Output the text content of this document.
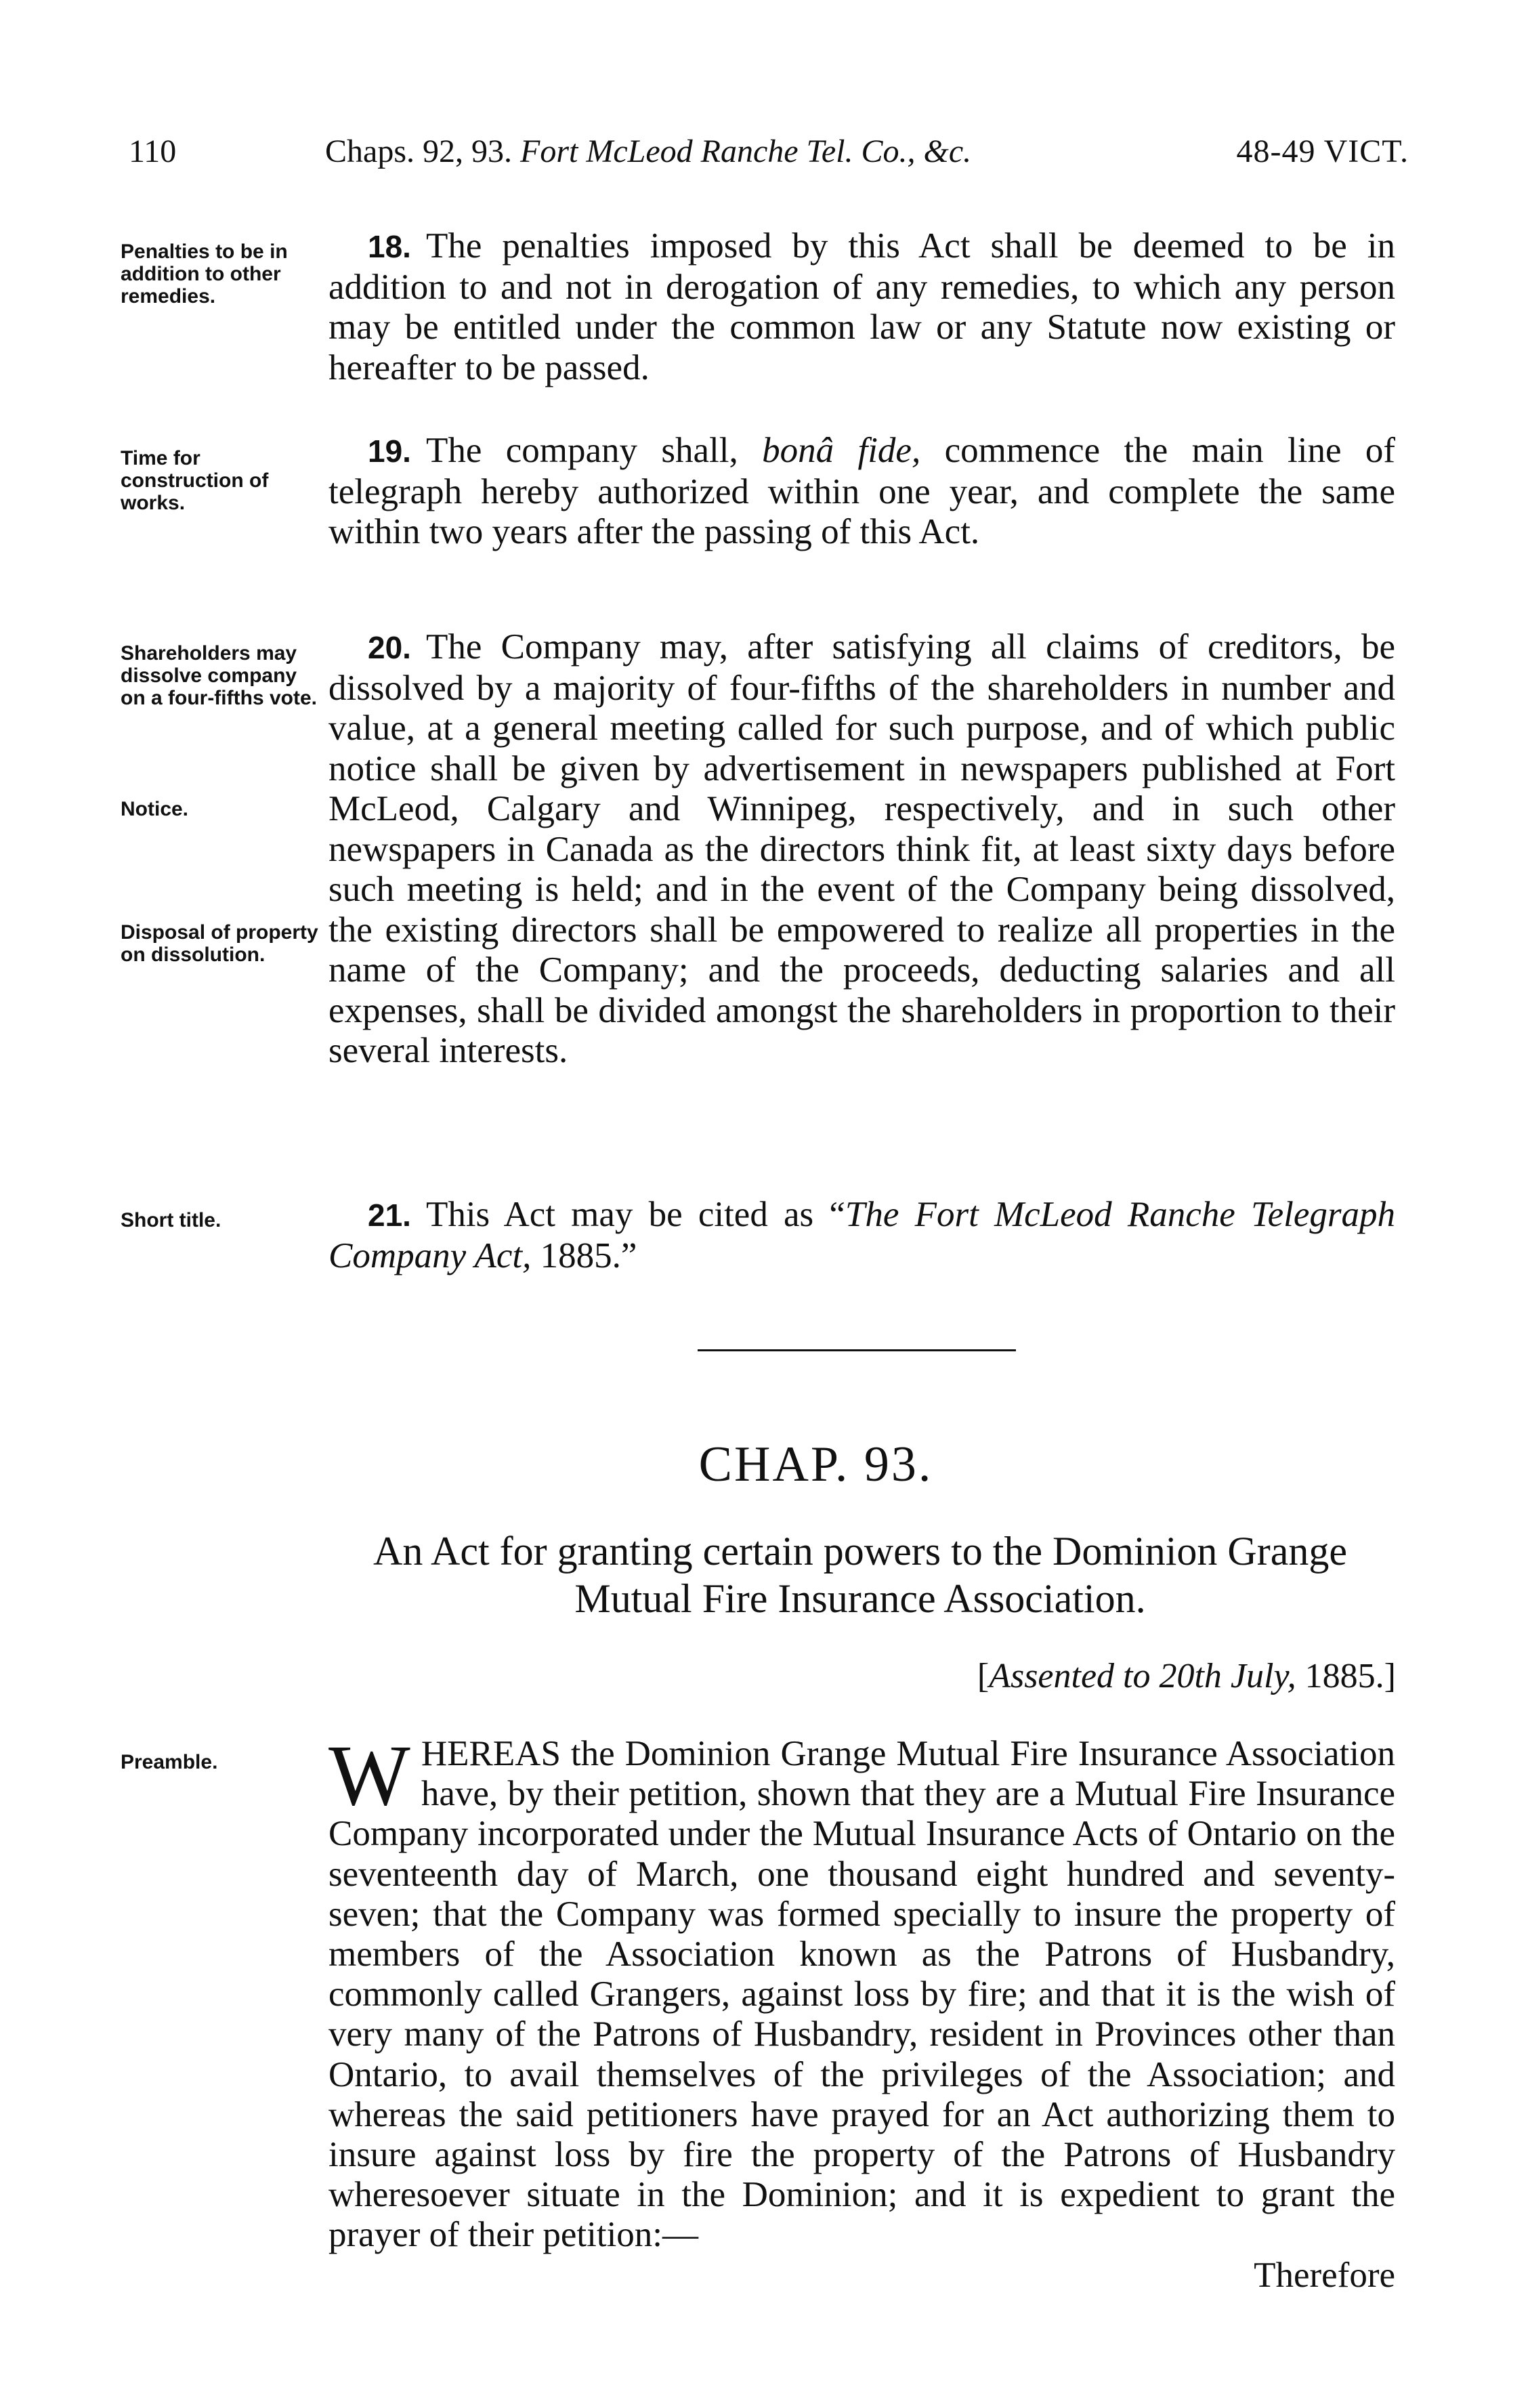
110	Chaps. 92, 93. Fort McLeod Ranche Tel. Co., &c.	48-49 VICT.
Penalties to be in addition to other remedies.
18. The penalties imposed by this Act shall be deemed to be in addition to and not in derogation of any remedies, to which any person may be entitled under the common law or any Statute now existing or hereafter to be passed.
Time for construction of works.
19. The company shall, bonâ fide, commence the main line of telegraph hereby authorized within one year, and complete the same within two years after the passing of this Act.
Shareholders may dissolve company on a four-fifths vote.
Notice.
Disposal of property on dissolution.
20. The Company may, after satisfying all claims of creditors, be dissolved by a majority of four-fifths of the shareholders in number and value, at a general meeting called for such purpose, and of which public notice shall be given by advertisement in newspapers published at Fort McLeod, Calgary and Winnipeg, respectively, and in such other newspapers in Canada as the directors think fit, at least sixty days before such meeting is held; and in the event of the Company being dissolved, the existing directors shall be empowered to realize all properties in the name of the Company; and the proceeds, deducting salaries and all expenses, shall be divided amongst the shareholders in proportion to their several interests.
Short title.	21. This Act may be cited as “The Fort McLeod Ranche Telegraph Company Act, 1885.”
CHAP. 93.
An Act for granting certain powers to the Dominion Grange Mutual Fire Insurance Association.
[Assented to 20th July, 1885.]
Preamble.	WHEREAS the Dominion Grange Mutual Fire Insurance Association have, by their petition, shown that they are a Mutual Fire Insurance Company incorporated under the Mutual Insurance Acts of Ontario on the seventeenth day of March, one thousand eight hundred and seventy-seven; that the Company was formed specially to insure the property of members of the Association known as the Patrons of Husbandry, commonly called Grangers, against loss by fire; and that it is the wish of very many of the Patrons of Husbandry, resident in Provinces other than Ontario, to avail themselves of the privileges of the Association; and whereas the said petitioners have prayed for an Act authorizing them to insure against loss by fire the property of the Patrons of Husbandry wheresoever situate in the Dominion; and it is expedient to grant the prayer of their petition:—
Therefore
